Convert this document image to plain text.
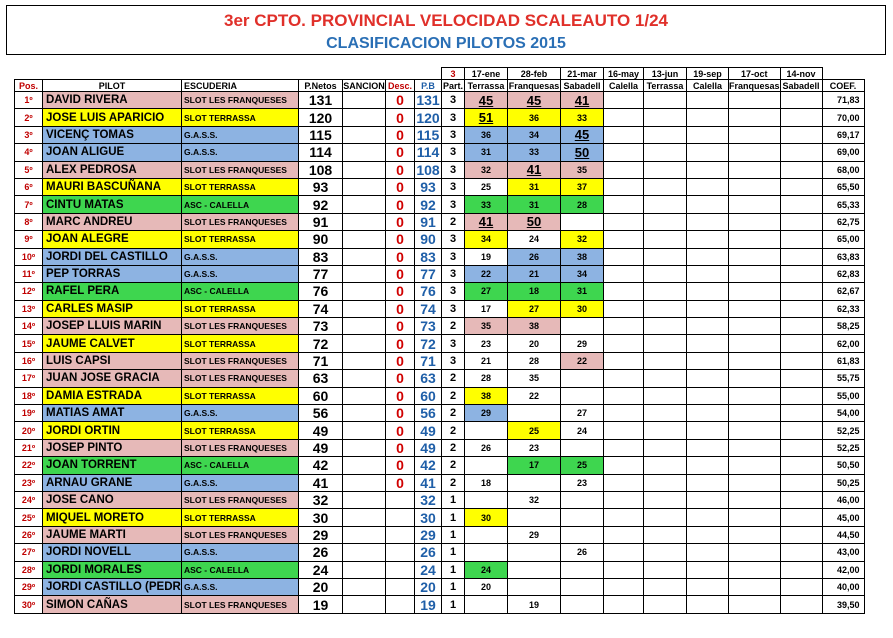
3er CPTO. PROVINCIAL VELOCIDAD SCALEAUTO 1/24
CLASIFICACION PILOTOS 2015
							3	17-ene	28-feb	21-mar	16-may	13-jun	19-sep	17-oct	14-nov	
Pos.	PILOT	ESCUDERIA	P.Netos	SANCION	Desc.	P.B	Part.	Terrassa	Franquesas	Sabadell	Calella	Terrassa	Calella	Franquesas	Sabadell	COEF.
1º	DAVID RIVERA	SLOT LES FRANQUESES	131		0	131	3	45	45	41						71,83
2º	JOSE LUIS APARICIO	SLOT TERRASSA	120		0	120	3	51	36	33						70,00
3º	VICENÇ TOMAS	G.A.S.S.	115		0	115	3	36	34	45						69,17
4º	JOAN ALIGUE	G.A.S.S.	114		0	114	3	31	33	50						69,00
5º	ALEX PEDROSA	SLOT LES FRANQUESES	108		0	108	3	32	41	35						68,00
6º	MAURI BASCUÑANA	SLOT TERRASSA	93		0	93	3	25	31	37						65,50
7º	CINTU MATAS	ASC - CALELLA	92		0	92	3	33	31	28						65,33
8º	MARC ANDREU	SLOT LES FRANQUESES	91		0	91	2	41	50							62,75
9º	JOAN ALEGRE	SLOT TERRASSA	90		0	90	3	34	24	32						65,00
10º	JORDI DEL CASTILLO	G.A.S.S.	83		0	83	3	19	26	38						63,83
11º	PEP TORRAS	G.A.S.S.	77		0	77	3	22	21	34						62,83
12º	RAFEL PERA	ASC - CALELLA	76		0	76	3	27	18	31						62,67
13º	CARLES MASIP	SLOT TERRASSA	74		0	74	3	17	27	30						62,33
14º	JOSEP LLUIS MARIN	SLOT LES FRANQUESES	73		0	73	2	35	38							58,25
15º	JAUME CALVET	SLOT TERRASSA	72		0	72	3	23	20	29						62,00
16º	LUIS CAPSI	SLOT LES FRANQUESES	71		0	71	3	21	28	22						61,83
17º	JUAN JOSE GRACIA	SLOT LES FRANQUESES	63		0	63	2	28	35							55,75
18º	DAMIA ESTRADA	SLOT TERRASSA	60		0	60	2	38	22							55,00
19º	MATIAS AMAT	G.A.S.S.	56		0	56	2	29		27						54,00
20º	JORDI ORTIN	SLOT TERRASSA	49		0	49	2		25	24						52,25
21º	JOSEP PINTO	SLOT LES FRANQUESES	49		0	49	2	26	23							52,25
22º	JOAN TORRENT	ASC - CALELLA	42		0	42	2		17	25						50,50
23º	ARNAU GRANE	G.A.S.S.	41		0	41	2	18		23						50,25
24º	JOSE CANO	SLOT LES FRANQUESES	32			32	1		32							46,00
25º	MIQUEL MORETO	SLOT TERRASSA	30			30	1	30								45,00
26º	JAUME MARTI	SLOT LES FRANQUESES	29			29	1		29							44,50
27º	JORDI NOVELL	G.A.S.S.	26			26	1			26						43,00
28º	JORDI MORALES	ASC - CALELLA	24			24	1	24								42,00
29º	JORDI CASTILLO (PEDR	G.A.S.S.	20			20	1	20								40,00
30º	SIMON CAÑAS	SLOT LES FRANQUESES	19			19	1		19							39,50
